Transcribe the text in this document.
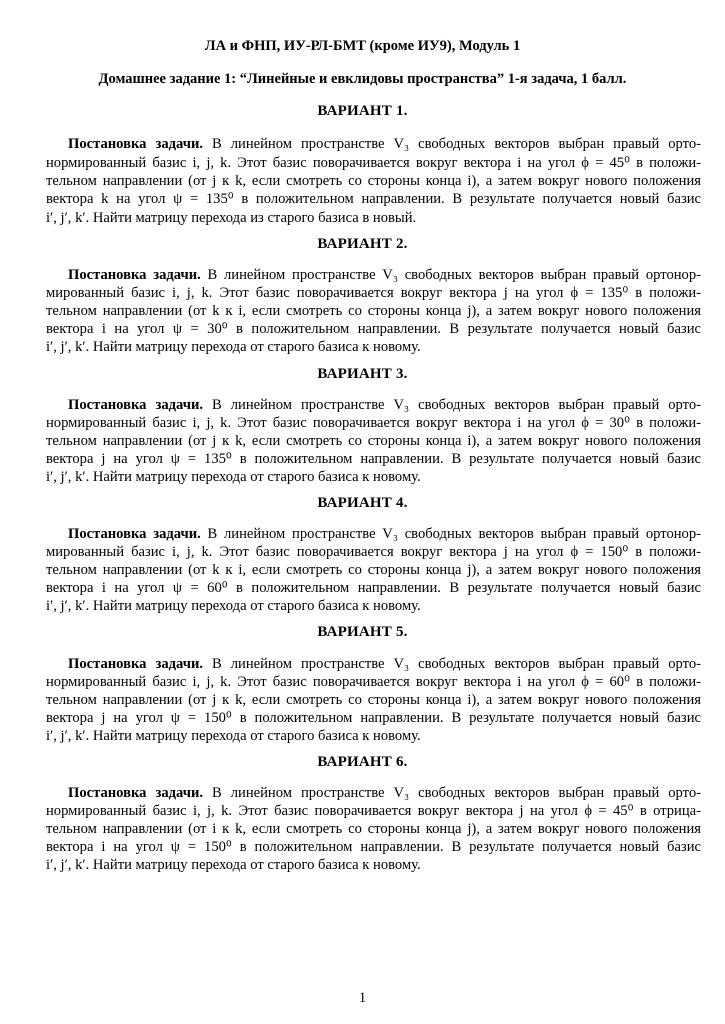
ЛА и ФНП, ИУ-РЛ-БМТ (кроме ИУ9), Модуль 1
Домашнее задание 1: “Линейные и евклидовы пространства” 1-я задача, 1 балл.
ВАРИАНТ 1.
Постановка задачи. В линейном пространстве V₃ свободных векторов выбран правый орто-
нормированный базис i, j, k. Этот базис поворачивается вокруг вектора i на угол ϕ = 45⁰ в положи-
тельном направлении (от j к k, если смотреть со стороны конца i), а затем вокруг нового положения
вектора k на угол ψ = 135⁰ в положительном направлении. В результате получается новый базис
i′, j′, k′. Найти матрицу перехода из старого базиса в новый.
ВАРИАНТ 2.
Постановка задачи. В линейном пространстве V₃ свободных векторов выбран правый ортонор-
мированный базис i, j, k. Этот базис поворачивается вокруг вектора j на угол ϕ = 135⁰ в положи-
тельном направлении (от k к i, если смотреть со стороны конца j), а затем вокруг нового положения
вектора i на угол ψ = 30⁰ в положительном направлении. В результате получается новый базис
i′, j′, k′. Найти матрицу перехода от старого базиса к новому.
ВАРИАНТ 3.
Постановка задачи. В линейном пространстве V₃ свободных векторов выбран правый орто-
нормированный базис i, j, k. Этот базис поворачивается вокруг вектора i на угол ϕ = 30⁰ в положи-
тельном направлении (от j к k, если смотреть со стороны конца i), а затем вокруг нового положения
вектора j на угол ψ = 135⁰ в положительном направлении. В результате получается новый базис
i′, j′, k′. Найти матрицу перехода от старого базиса к новому.
ВАРИАНТ 4.
Постановка задачи. В линейном пространстве V₃ свободных векторов выбран правый ортонор-
мированный базис i, j, k. Этот базис поворачивается вокруг вектора j на угол ϕ = 150⁰ в положи-
тельном направлении (от k к i, если смотреть со стороны конца j), а затем вокруг нового положения
вектора i на угол ψ = 60⁰ в положительном направлении. В результате получается новый базис
i′, j′, k′. Найти матрицу перехода от старого базиса к новому.
ВАРИАНТ 5.
Постановка задачи. В линейном пространстве V₃ свободных векторов выбран правый орто-
нормированный базис i, j, k. Этот базис поворачивается вокруг вектора i на угол ϕ = 60⁰ в положи-
тельном направлении (от j к k, если смотреть со стороны конца i), а затем вокруг нового положения
вектора j на угол ψ = 150⁰ в положительном направлении. В результате получается новый базис
i′, j′, k′. Найти матрицу перехода от старого базиса к новому.
ВАРИАНТ 6.
Постановка задачи. В линейном пространстве V₃ свободных векторов выбран правый орто-
нормированный базис i, j, k. Этот базис поворачивается вокруг вектора j на угол ϕ = 45⁰ в отрица-
тельном направлении (от i к k, если смотреть со стороны конца j), а затем вокруг нового положения
вектора i на угол ψ = 150⁰ в положительном направлении. В результате получается новый базис
i′, j′, k′. Найти матрицу перехода от старого базиса к новому.
1
